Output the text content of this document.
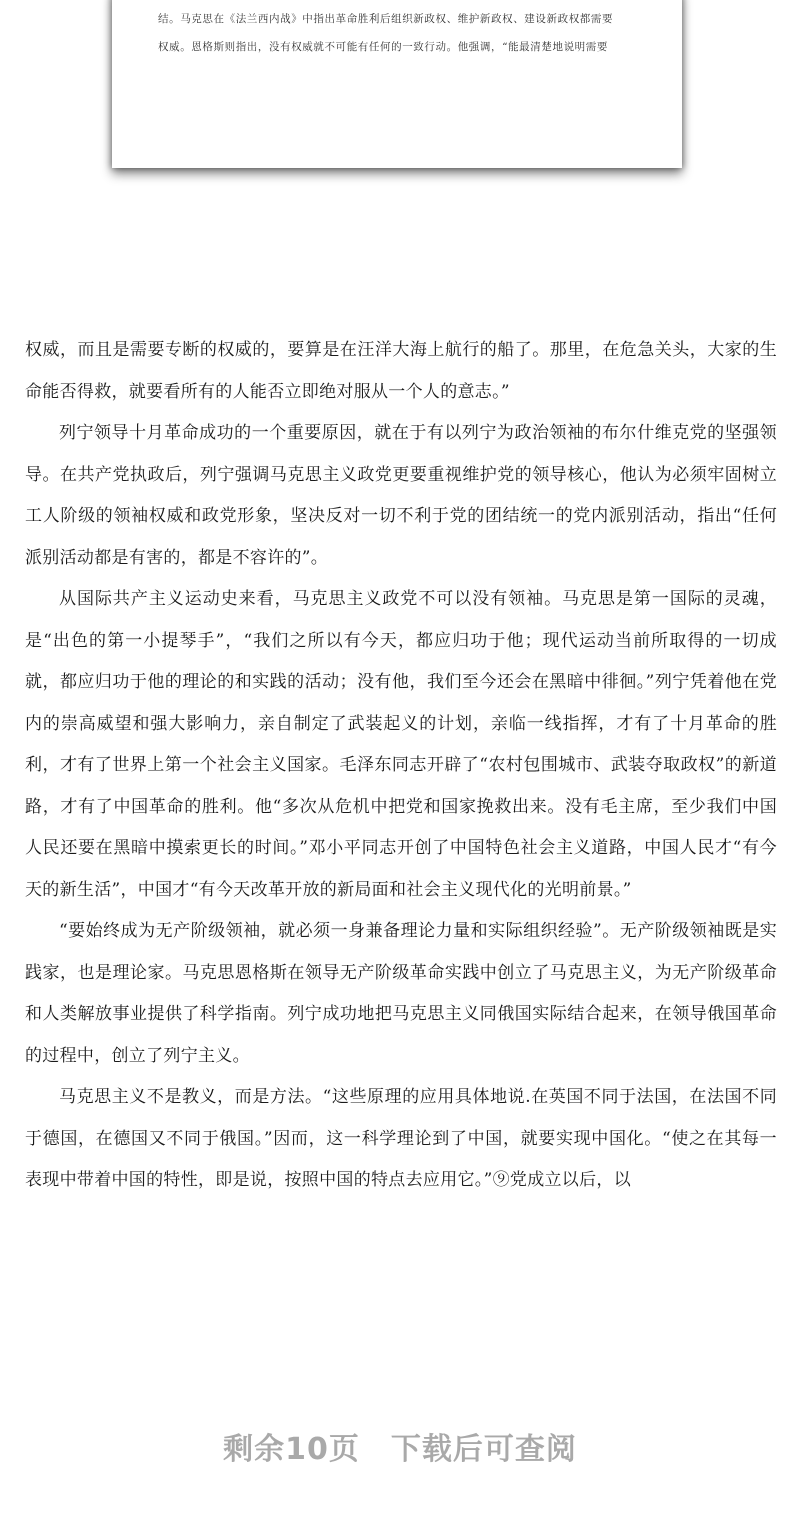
结。马克思在《法兰西内战》中指出革命胜利后组织新政权、维护新政权、建设新政权都需要
权威。恩格斯则指出，没有权威就不可能有任何的一致行动。他强调，“能最清楚地说明需要

权威，而且是需要专断的权威的，要算是在汪洋大海上航行的船了。那里，在危急关头，大家的生命能否得救，就要看所有的人能否立即绝对服从一个人的意志。”

列宁领导十月革命成功的一个重要原因，就在于有以列宁为政治领袖的布尔什维克党的坚强领导。在共产党执政后，列宁强调马克思主义政党更要重视维护党的领导核心，他认为必须牢固树立工人阶级的领袖权威和政党形象，坚决反对一切不利于党的团结统一的党内派别活动，指出“任何派别活动都是有害的，都是不容许的”。

从国际共产主义运动史来看，马克思主义政党不可以没有领袖。马克思是第一国际的灵魂，是“出色的第一小提琴手”，“我们之所以有今天，都应归功于他；现代运动当前所取得的一切成就，都应归功于他的理论的和实践的活动；没有他，我们至今还会在黑暗中徘徊。”列宁凭着他在党内的崇高威望和强大影响力，亲自制定了武装起义的计划，亲临一线指挥，才有了十月革命的胜利，才有了世界上第一个社会主义国家。毛泽东同志开辟了“农村包围城市、武装夺取政权”的新道路，才有了中国革命的胜利。他“多次从危机中把党和国家挽救出来。没有毛主席，至少我们中国人民还要在黑暗中摸索更长的时间。”邓小平同志开创了中国特色社会主义道路，中国人民才“有今天的新生活”，中国才“有今天改革开放的新局面和社会主义现代化的光明前景。”

“要始终成为无产阶级领袖，就必须一身兼备理论力量和实际组织经验”。无产阶级领袖既是实践家，也是理论家。马克思恩格斯在领导无产阶级革命实践中创立了马克思主义，为无产阶级革命和人类解放事业提供了科学指南。列宁成功地把马克思主义同俄国实际结合起来，在领导俄国革命的过程中，创立了列宁主义。

马克思主义不是教义，而是方法。“这些原理的应用具体地说.在英国不同于法国，在法国不同于德国，在德国又不同于俄国。”因而，这一科学理论到了中国，就要实现中国化。“使之在其每一表现中带着中国的特性，即是说，按照中国的特点去应用它。”⑨党成立以后，以

剩余10页　下载后可查阅
